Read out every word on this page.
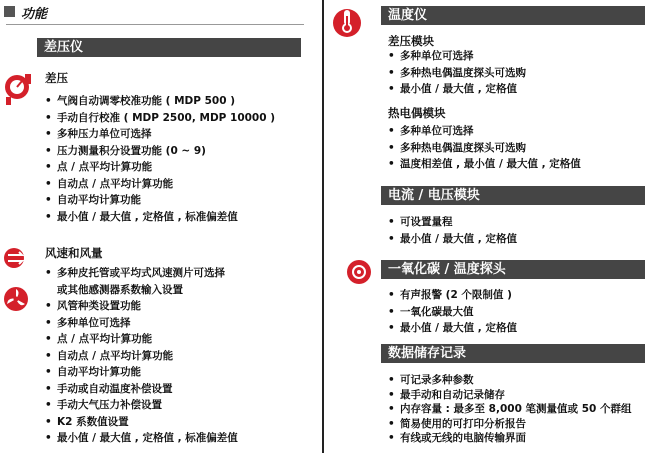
功能
差压仪
差压
• 气阀自动调零校准功能 ( MDP 500 )
• 手动自行校准 ( MDP 2500, MDP 10000 )
• 多种压力单位可选择
• 压力测量积分设置功能 (0 ~ 9)
• 点 / 点平均计算功能
• 自动点 / 点平均计算功能
• 自动平均计算功能
• 最小值 / 最大值 , 定格值 , 标准偏差值
风速和风量
• 多种皮托管或平均式风速测片可选择
或其他感测器系数输入设置
• 风管种类设置功能
• 多种单位可选择
• 点 / 点平均计算功能
• 自动点 / 点平均计算功能
• 自动平均计算功能
• 手动或自动温度补偿设置
• 手动大气压力补偿设置
• K2 系数值设置
• 最小值 / 最大值 , 定格值 , 标准偏差值
温度仪
差压模块
• 多种单位可选择
• 多种热电偶温度探头可选购
• 最小值 / 最大值 , 定格值
热电偶模块
• 多种单位可选择
• 多种热电偶温度探头可选购
• 温度相差值 , 最小值 / 最大值 , 定格值
电流 / 电压模块
• 可设置量程
• 最小值 / 最大值 , 定格值
一氧化碳 / 温度探头
• 有声报警 (2 个限制值 )
• 一氧化碳最大值
• 最小值 / 最大值 , 定格值
数据储存记录
• 可记录多种参数
• 最手动和自动记录储存
• 内存容量 : 最多至 8,000 笔测量值或 50 个群组
• 简易使用的可打印分析报告
• 有线或无线的电脑传输界面
